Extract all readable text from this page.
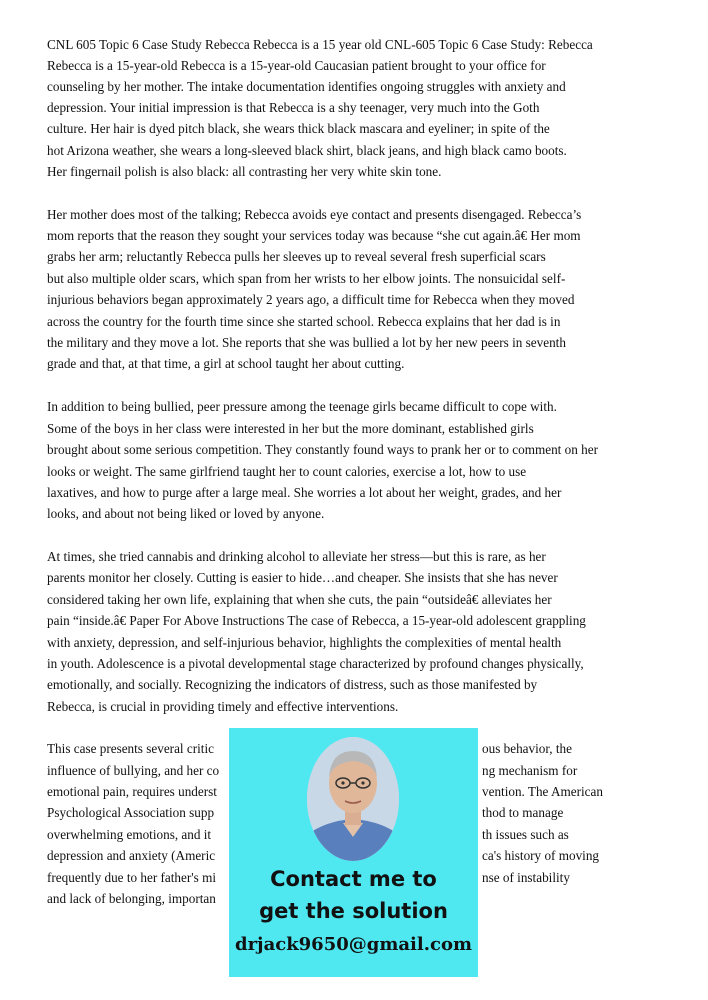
CNL 605 Topic 6 Case Study Rebecca Rebecca is a 15 year old CNL-605 Topic 6 Case Study: Rebecca
Rebecca is a 15-year-old Rebecca is a 15-year-old Caucasian patient brought to your office for
counseling by her mother. The intake documentation identifies ongoing struggles with anxiety and
depression. Your initial impression is that Rebecca is a shy teenager, very much into the Goth
culture. Her hair is dyed pitch black, she wears thick black mascara and eyeliner; in spite of the
hot Arizona weather, she wears a long-sleeved black shirt, black jeans, and high black camo boots.
Her fingernail polish is also black: all contrasting her very white skin tone.
Her mother does most of the talking; Rebecca avoids eye contact and presents disengaged. Rebecca’s
mom reports that the reason they sought your services today was because “she cut again.â€ Her mom
grabs her arm; reluctantly Rebecca pulls her sleeves up to reveal several fresh superficial scars
but also multiple older scars, which span from her wrists to her elbow joints. The nonsuicidal self-
injurious behaviors began approximately 2 years ago, a difficult time for Rebecca when they moved
across the country for the fourth time since she started school. Rebecca explains that her dad is in
the military and they move a lot. She reports that she was bullied a lot by her new peers in seventh
grade and that, at that time, a girl at school taught her about cutting.
In addition to being bullied, peer pressure among the teenage girls became difficult to cope with.
Some of the boys in her class were interested in her but the more dominant, established girls
brought about some serious competition. They constantly found ways to prank her or to comment on her
looks or weight. The same girlfriend taught her to count calories, exercise a lot, how to use
laxatives, and how to purge after a large meal. She worries a lot about her weight, grades, and her
looks, and about not being liked or loved by anyone.
At times, she tried cannabis and drinking alcohol to alleviate her stress—but this is rare, as her
parents monitor her closely. Cutting is easier to hide…and cheaper. She insists that she has never
considered taking her own life, explaining that when she cuts, the pain “outsideâ€ alleviates her
pain “inside.â€ Paper For Above Instructions The case of Rebecca, a 15-year-old adolescent grappling
with anxiety, depression, and self-injurious behavior, highlights the complexities of mental health
in youth. Adolescence is a pivotal developmental stage characterized by profound changes physically,
emotionally, and socially. Recognizing the indicators of distress, such as those manifested by
Rebecca, is crucial in providing timely and effective interventions.
This case presents several critic
influence of bullying, and her co
emotional pain, requires underst
Psychological Association supp
overwhelming emotions, and it
depression and anxiety (Americ
frequently due to her father's mi
and lack of belonging, importan
ous behavior, the
ng mechanism for
vention. The American
thod to manage
th issues such as
ca's history of moving
nse of instability
Contact me to
get the solution
drjack9650@gmail.com
